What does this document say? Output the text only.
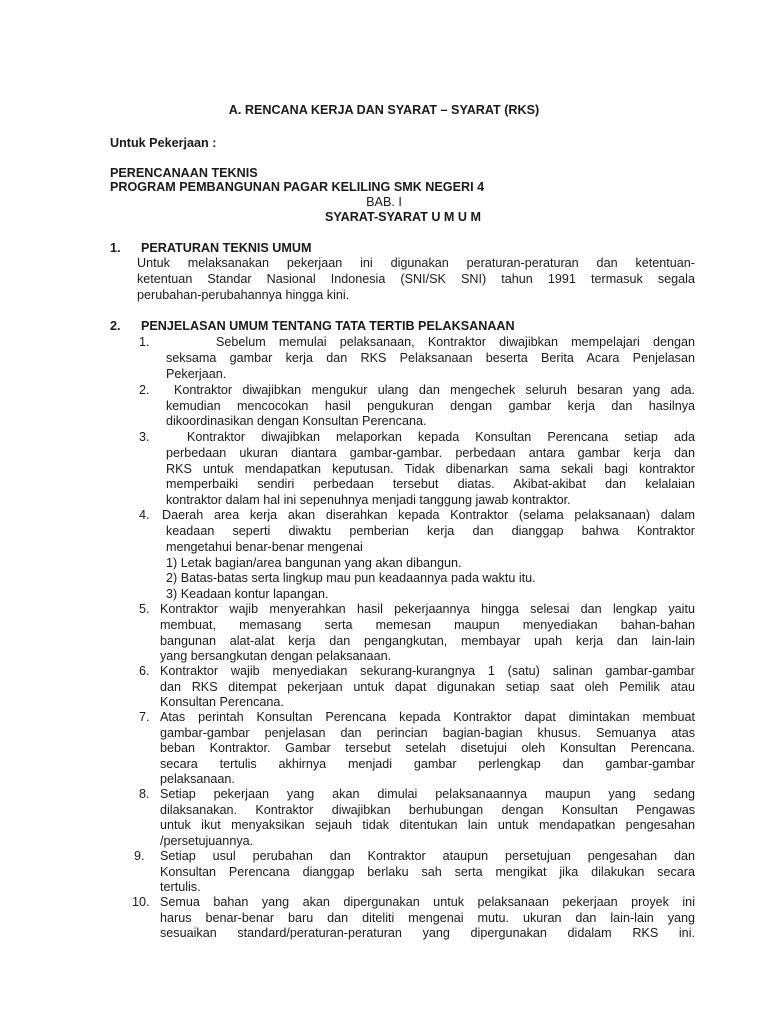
A. RENCANA KERJA DAN SYARAT – SYARAT (RKS)
Untuk Pekerjaan :
PERENCANAAN TEKNIS
PROGRAM PEMBANGUNAN PAGAR KELILING SMK NEGERI 4
BAB. I
SYARAT-SYARAT U M U M
1. PERATURAN TEKNIS UMUM
Untuk melaksanakan pekerjaan ini digunakan peraturan-peraturan dan ketentuan-
ketentuan Standar Nasional Indonesia (SNI/SK SNI) tahun 1991 termasuk segala
perubahan-perubahannya hingga kini.
2. PENJELASAN UMUM TENTANG TATA TERTIB PELAKSANAAN
1.	Sebelum memulai pelaksanaan, Kontraktor diwajibkan mempelajari dengan
seksama gambar kerja dan RKS Pelaksanaan beserta Berita Acara Penjelasan
Pekerjaan.
2. Kontraktor diwajibkan mengukur ulang dan mengechek seluruh besaran yang ada.
kemudian mencocokan hasil pengukuran dengan gambar kerja dan hasilnya
dikoordinasikan dengan Konsultan Perencana.
3.	Kontraktor diwajibkan melaporkan kepada Konsultan Perencana setiap ada
perbedaan ukuran diantara gambar-gambar. perbedaan antara gambar kerja dan
RKS untuk mendapatkan keputusan. Tidak dibenarkan sama sekali bagi kontraktor
memperbaiki sendiri perbedaan tersebut diatas. Akibat-akibat dan kelalaian
kontraktor dalam hal ini sepenuhnya menjadi tanggung jawab kontraktor.
4. Daerah area kerja akan diserahkan kepada Kontraktor (selama pelaksanaan) dalam
keadaan seperti diwaktu pemberian kerja dan dianggap bahwa Kontraktor
mengetahui benar-benar mengenai
1) Letak bagian/area bangunan yang akan dibangun.
2) Batas-batas serta lingkup mau pun keadaannya pada waktu itu.
3) Keadaan kontur lapangan.
5. Kontraktor wajib menyerahkan hasil pekerjaannya hingga selesai dan lengkap yaitu
membuat, memasang serta memesan maupun menyediakan bahan-bahan
bangunan alat-alat kerja dan pengangkutan, membayar upah kerja dan lain-lain
yang bersangkutan dengan pelaksanaan.
6. Kontraktor wajib menyediakan sekurang-kurangnya 1 (satu) salinan gambar-gambar
dan RKS ditempat pekerjaan untuk dapat digunakan setiap saat oleh Pemilik atau
Konsultan Perencana.
7. Atas perintah Konsultan Perencana kepada Kontraktor dapat dimintakan membuat
gambar-gambar penjelasan dan perincian bagian-bagian khusus. Semuanya atas
beban Kontraktor. Gambar tersebut setelah disetujui oleh Konsultan Perencana.
secara tertulis akhirnya menjadi gambar perlengkap dan gambar-gambar
pelaksanaan.
8. Setiap pekerjaan yang akan dimulai pelaksanaannya maupun yang sedang
dilaksanakan. Kontraktor diwajibkan berhubungan dengan Konsultan Pengawas
untuk ikut menyaksikan sejauh tidak ditentukan lain untuk mendapatkan pengesahan
/persetujuannya.
9. Setiap usul perubahan dan Kontraktor ataupun persetujuan pengesahan dan
Konsultan Perencana dianggap berlaku sah serta mengikat jika dilakukan secara
tertulis.
10. Semua bahan yang akan dipergunakan untuk pelaksanaan pekerjaan proyek ini
harus benar-benar baru dan diteliti mengenai mutu. ukuran dan lain-lain yang
sesuaikan standard/peraturan-peraturan yang dipergunakan didalam RKS ini.
